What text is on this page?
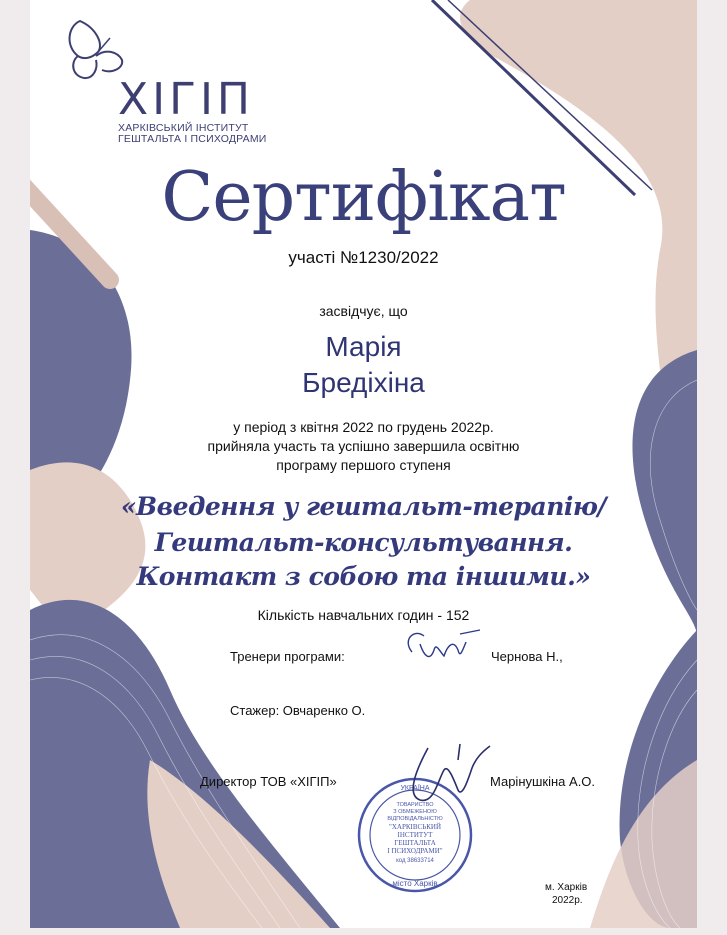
ХІГІП
ХАРКІВСЬКИЙ ІНСТИТУТ
ГЕШТАЛЬТА І ПСИХОДРАМИ
Сертифікат
участі №1230/2022
засвідчує, що
Марія
Бредіхіна
у період з квітня 2022 по грудень 2022р.
прийняла участь та успішно завершила освітню
програму першого ступеня
«Введення у гештальт-терапію/
Гештальт-консультування.
Контакт з собою та іншими.»
Кількість навчальних годин - 152
Тренери програми:	Чернова Н.,
Стажер: Овчаренко О.
Директор ТОВ «ХІГІП»	Марінушкіна А.О.
УКРАЇНА
ТОВАРИСТВО
З ОБМЕЖЕНОЮ
ВІДПОВІДАЛЬНІСТЮ
"ХАРКІВСЬКИЙ
ІНСТИТУТ
ГЕШТАЛЬТА
І ПСИХОДРАМИ"
код 38633714
місто Харків	м. Харків
2022р.
